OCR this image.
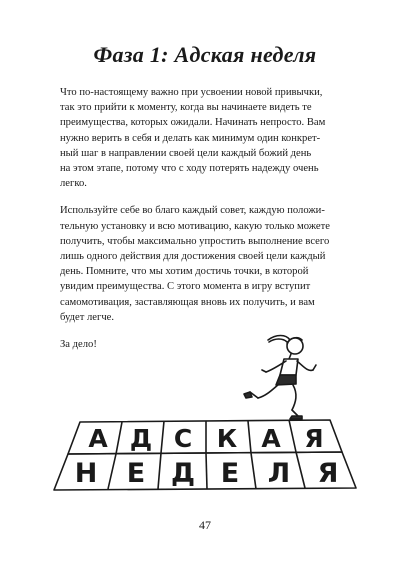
Фаза 1: Адская неделя

Что по-настоящему важно при усвоении новой привычки,
так это прийти к моменту, когда вы начинаете видеть те
преимущества, которых ожидали. Начинать непросто. Вам
нужно верить в себя и делать как минимум один конкрет-
ный шаг в направлении своей цели каждый божий день
на этом этапе, потому что с ходу потерять надежду очень
легко.

Используйте себе во благо каждый совет, каждую положи-
тельную установку и всю мотивацию, какую только можете
получить, чтобы максимально упростить выполнение всего
лишь одного действия для достижения своей цели каждый
день. Помните, что мы хотим достичь точки, в которой
увидим преимущества. С этого момента в игру вступит
самомотивация, заставляющая вновь их получить, и вам
будет легче.

За дело!

А Д С К А Я
Н Е Д Е Л Я
47
